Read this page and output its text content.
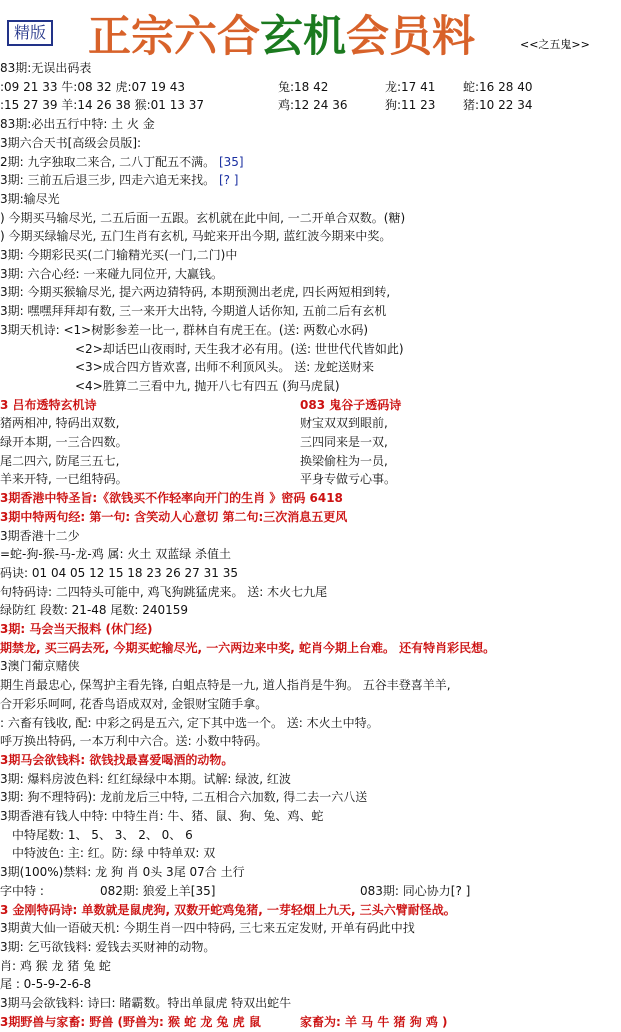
精版 正宗六合玄机会员料	<<之五鬼>>
83期:无误出码表
:09 21 33 牛:08 32 虎:07 19 43	兔:18 42	龙:17 41 蛇:16 28 40
:15 27 39 羊:14 26 38 猴:01 13 37	鸡:12 24 36	狗:11 23 猪:10 22 34
83期:必出五行中特: 土 火 金
3期六合天书[高级会员版]:
2期: 九字独取二来合, 二八丁配五不满。 [35]
3期: 三前五后退三步, 四走六追无来找。 [? ]
3期:输尽光
) 今期买马输尽光, 二五后面一五跟。玄机就在此中间, 一二开单合双数。(糖)
) 今期买绿输尽光, 五门生肖有玄机, 马蛇来开出今期, 蓝红波今期来中奖。
3期: 今期彩民买(二门输精光买(一门,二门)中
3期: 六合心经: 一来碰九同位开, 大赢钱。
3期: 今期买猴输尽光, 提六两边猜特码, 本期预测出老虎, 四长两短相到转,
3期: 嘿嘿拜拜却有数, 三一来开大出特, 今期道人话你知, 五前二后有玄机
3期天机诗: <1>树影参差一比一, 群林自有虎王在。(送: 两数心水码)
<2>却话巴山夜雨时, 天生我才必有用。(送: 世世代代皆如此)
<3>成合四方皆欢喜, 出师不利顶风头。 送: 龙蛇送财来
<4>胜算二三看中九, 抛开八七有四五 (狗马虎鼠)
3 吕布透特玄机诗	083 鬼谷子透码诗
猪两相冲, 特码出双数,	财宝双双到眼前,
绿开本期, 一三合四数。	三四同来是一双,
尾二四六, 防尾三五七,	换梁偷柱为一员,
羊来开特, 一已组特码。	平身专做亏心事。
3期香港中特圣旨:《欲钱买不作轻率向开门的生肖 》密码 6418
3期中特两句经: 第一句: 含笑动人心意切 第二句:三次消息五更风
3期香港十二少
=蛇-狗-猴-马-龙-鸡 属: 火土 双蓝绿 杀值土
码诀: 01 04 05 12 15 18 23 26 27 31 35
句特码诗: 二四特头可能中, 鸡飞狗跳猛虎来。 送: 木火七九尾
绿防红 段数: 21-48 尾数: 240159
3期: 马会当天报料 (休门经)
期禁龙, 买三码去死, 今期买蛇输尽光, 一六两边来中奖, 蛇肖今期上台难。 还有特肖彩民想。
3澳门葡京赌侠
期生肖最忠心, 保驾护主看先锋, 白蛆点特是一九, 道人指肖是牛狗。 五谷丰登喜羊羊,
合开彩乐呵呵, 花香鸟语成双对, 金银财宝随手拿。
: 六畜有钱收, 配: 中彩之码是五六, 定下其中选一个。 送: 木火土中特。
呼万换出特码, 一本万利中六合。送: 小数中特码。
3期马会欲钱料: 欲钱找最喜爱喝酒的动物。
3期: 爆料房波色料: 红红绿绿中本期。试解: 绿波, 红波
3期: 狗不理特码): 龙前龙后三中特, 二五相合六加数, 得二去一六八送
3期香港有钱人中特: 中特生肖: 牛、猪、鼠、狗、兔、鸡、蛇
中特尾数: 1、 5、 3、 2、 0、 6
中特波色: 主: 红。防: 绿 中特单双: 双
3期(100%)禁料: 龙 狗 肖 0头 3尾 07合 土行
字中特 :	082期: 狼爱上羊[35]	083期: 同心协力[? ]
3 金刚特码诗: 单数就是鼠虎狗, 双数开蛇鸡兔猪, 一芽轻烟上九天, 三头六臂耐怪战。
3期黄大仙一语破天机: 今期生肖一四中特码, 三七来五定发财, 开单有码此中找
3期: 乞丐欲钱料: 爱钱去买财神的动物。
肖: 鸡 猴 龙 猪 兔 蛇
尾 : 0-5-9-2-6-8
3期马会欲钱料: 诗曰: 睹霸数。特出单鼠虎 特双出蛇牛
3期野兽与家畜: 野兽 (野兽为: 猴 蛇 龙 兔 虎 鼠	家畜为: 羊 马 牛 猪 狗 鸡 )
